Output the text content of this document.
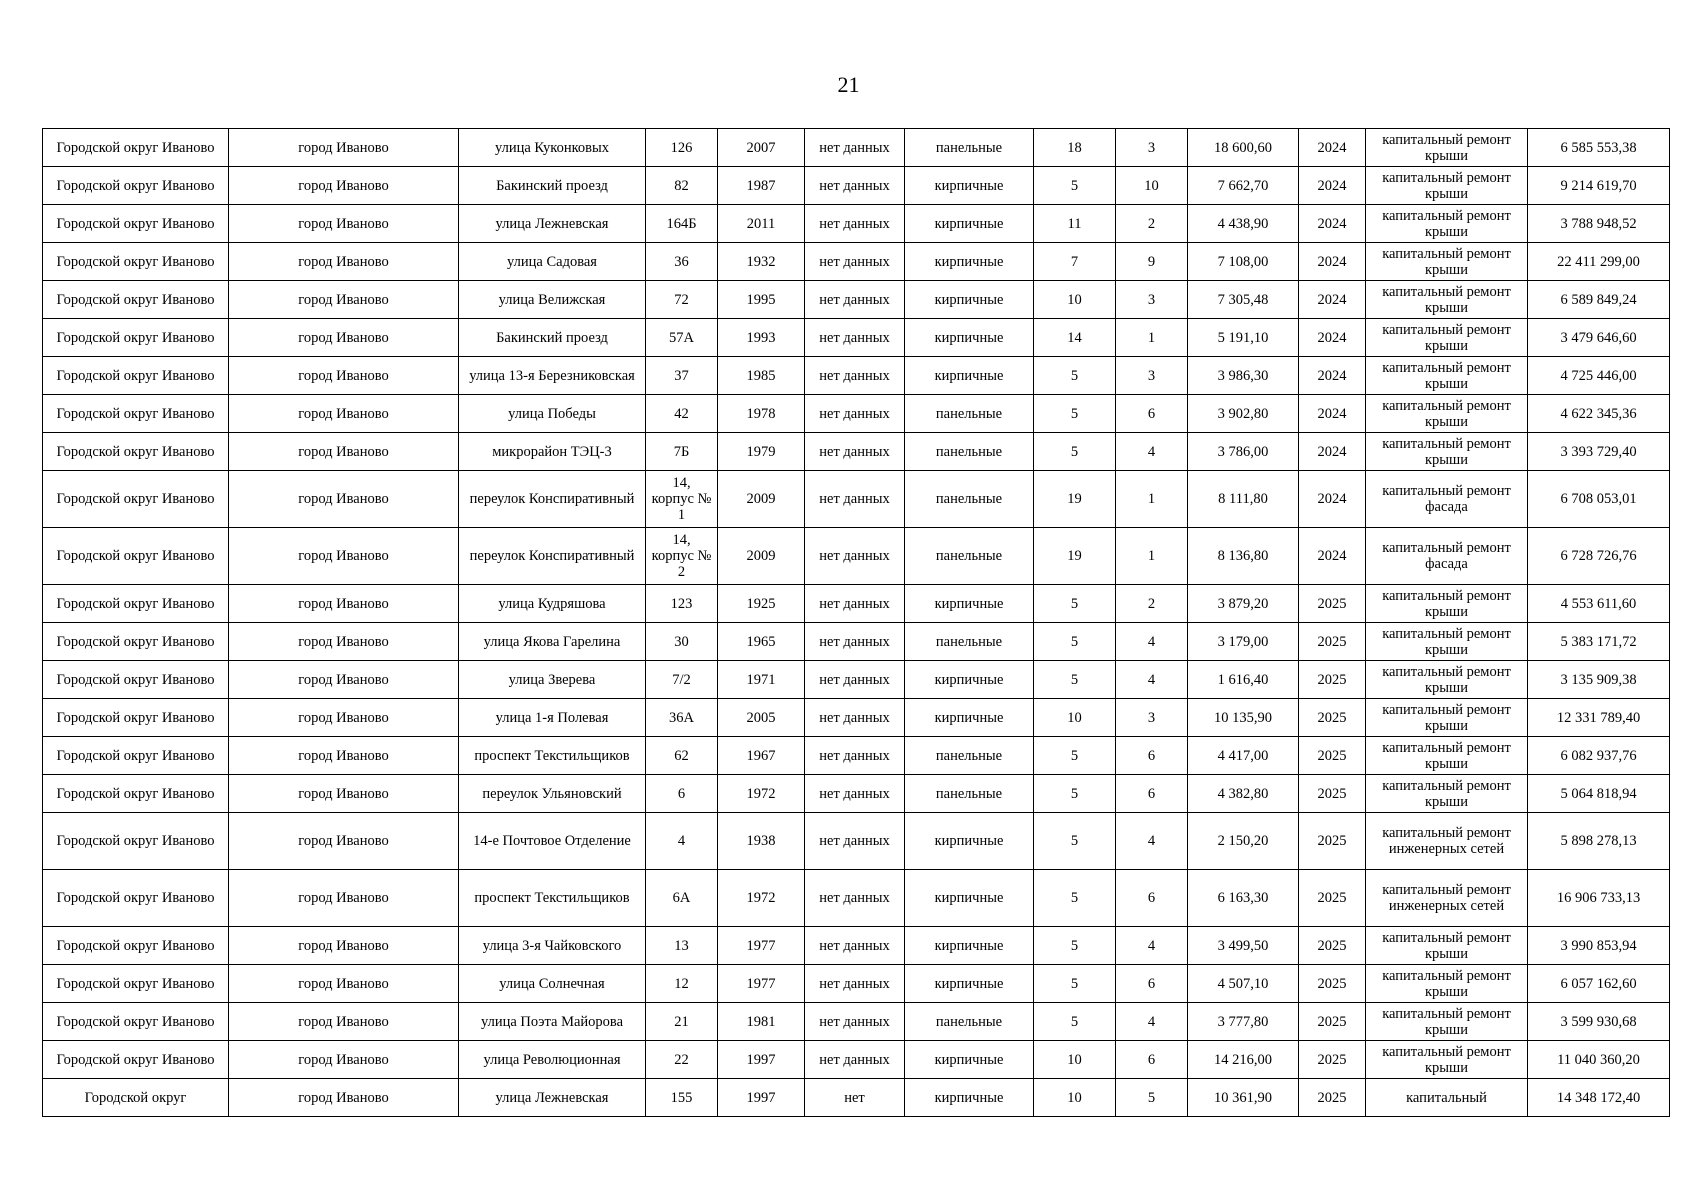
21
Городской округ Иваново	город Иваново	улица Куконковых	126	2007	нет данных	панельные	18	3	18 600,60	2024	капитальный ремонт крыши	6 585 553,38
Городской округ Иваново	город Иваново	Бакинский проезд	82	1987	нет данных	кирпичные	5	10	7 662,70	2024	капитальный ремонт крыши	9 214 619,70
Городской округ Иваново	город Иваново	улица Лежневская	164Б	2011	нет данных	кирпичные	11	2	4 438,90	2024	капитальный ремонт крыши	3 788 948,52
Городской округ Иваново	город Иваново	улица Садовая	36	1932	нет данных	кирпичные	7	9	7 108,00	2024	капитальный ремонт крыши	22 411 299,00
Городской округ Иваново	город Иваново	улица Велижская	72	1995	нет данных	кирпичные	10	3	7 305,48	2024	капитальный ремонт крыши	6 589 849,24
Городской округ Иваново	город Иваново	Бакинский проезд	57А	1993	нет данных	кирпичные	14	1	5 191,10	2024	капитальный ремонт крыши	3 479 646,60
Городской округ Иваново	город Иваново	улица 13-я Березниковская	37	1985	нет данных	кирпичные	5	3	3 986,30	2024	капитальный ремонт крыши	4 725 446,00
Городской округ Иваново	город Иваново	улица Победы	42	1978	нет данных	панельные	5	6	3 902,80	2024	капитальный ремонт крыши	4 622 345,36
Городской округ Иваново	город Иваново	микрорайон ТЭЦ-3	7Б	1979	нет данных	панельные	5	4	3 786,00	2024	капитальный ремонт крыши	3 393 729,40
Городской округ Иваново	город Иваново	переулок Конспиративный	14, корпус № 1	2009	нет данных	панельные	19	1	8 111,80	2024	капитальный ремонт фасада	6 708 053,01
Городской округ Иваново	город Иваново	переулок Конспиративный	14, корпус № 2	2009	нет данных	панельные	19	1	8 136,80	2024	капитальный ремонт фасада	6 728 726,76
Городской округ Иваново	город Иваново	улица Кудряшова	123	1925	нет данных	кирпичные	5	2	3 879,20	2025	капитальный ремонт крыши	4 553 611,60
Городской округ Иваново	город Иваново	улица Якова Гарелина	30	1965	нет данных	панельные	5	4	3 179,00	2025	капитальный ремонт крыши	5 383 171,72
Городской округ Иваново	город Иваново	улица Зверева	7/2	1971	нет данных	кирпичные	5	4	1 616,40	2025	капитальный ремонт крыши	3 135 909,38
Городской округ Иваново	город Иваново	улица 1-я Полевая	36А	2005	нет данных	кирпичные	10	3	10 135,90	2025	капитальный ремонт крыши	12 331 789,40
Городской округ Иваново	город Иваново	проспект Текстильщиков	62	1967	нет данных	панельные	5	6	4 417,00	2025	капитальный ремонт крыши	6 082 937,76
Городской округ Иваново	город Иваново	переулок Ульяновский	6	1972	нет данных	панельные	5	6	4 382,80	2025	капитальный ремонт крыши	5 064 818,94
Городской округ Иваново	город Иваново	14-е Почтовое Отделение	4	1938	нет данных	кирпичные	5	4	2 150,20	2025	капитальный ремонт инженерных сетей	5 898 278,13
Городской округ Иваново	город Иваново	проспект Текстильщиков	6А	1972	нет данных	кирпичные	5	6	6 163,30	2025	капитальный ремонт инженерных сетей	16 906 733,13
Городской округ Иваново	город Иваново	улица 3-я Чайковского	13	1977	нет данных	кирпичные	5	4	3 499,50	2025	капитальный ремонт крыши	3 990 853,94
Городской округ Иваново	город Иваново	улица Солнечная	12	1977	нет данных	кирпичные	5	6	4 507,10	2025	капитальный ремонт крыши	6 057 162,60
Городской округ Иваново	город Иваново	улица Поэта Майорова	21	1981	нет данных	панельные	5	4	3 777,80	2025	капитальный ремонт крыши	3 599 930,68
Городской округ Иваново	город Иваново	улица Революционная	22	1997	нет данных	кирпичные	10	6	14 216,00	2025	капитальный ремонт крыши	11 040 360,20
Городской округ	город Иваново	улица Лежневская	155	1997	нет	кирпичные	10	5	10 361,90	2025	капитальный	14 348 172,40
